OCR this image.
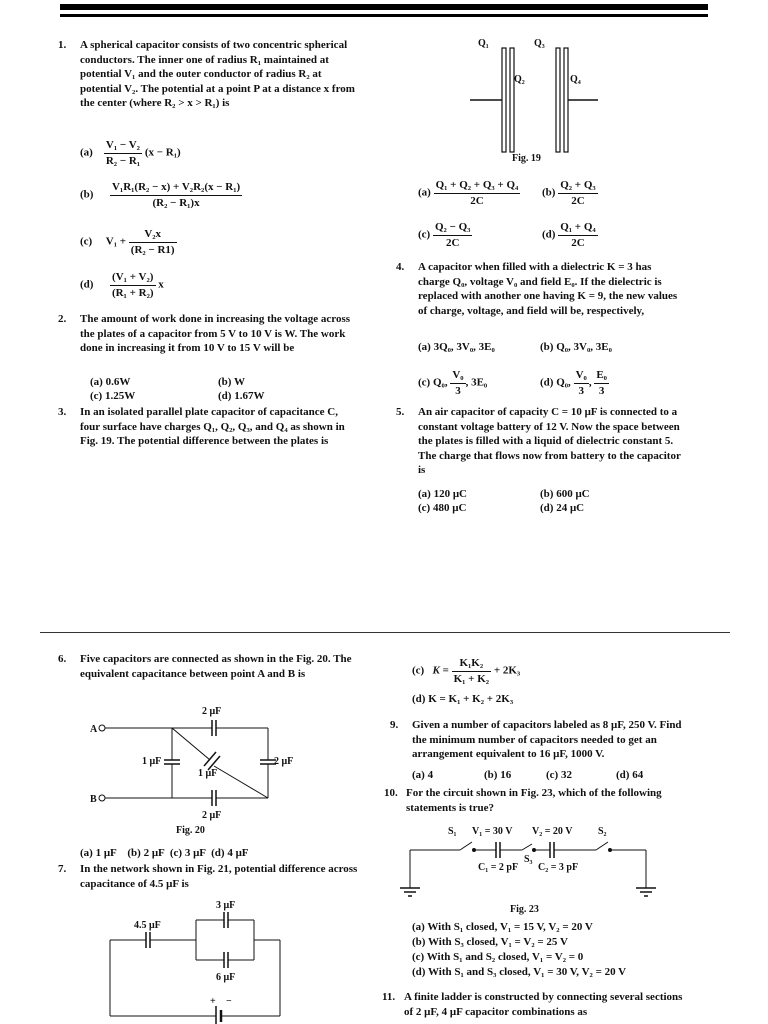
1. A spherical capacitor consists of two concentric spherical conductors. The inner one of radius R₁ maintained at potential V₁ and the outer conductor of radius R₂ at potential V₂. The potential at a point P at a distance x from the center (where R₂ > x > R₁) is
$(a) \frac{\text{V₁ − V₂}}{\text{R₂ − R₁}} (x - R_1)$
$(b) \frac{\text{V₁R₁(R₂ − x) + V₂R₂(x − R₁)}}{\text{(R₂ − R₁)x}}$
(c) $V_1 + \frac{\text{V₂x}}{\text{(R₂ − R1)}}$
$(d) \frac{\text{(V₁ + V₂)}}{\text{(R₁ + R₂)}}$ x
2. The amount of work done in increasing the voltage across the plates of a capacitor from 5 V to 10 V is W. The work done in increasing it from 10 V to 15 V will be
(a) 0.6W	(b) W
(c) 1.25W	(d) 1.67W
3. In an isolated parallel plate capacitor of capacitance C, four surface have charges Q₁, Q₂, Q₃, and Q₄ as shown in Fig. 19. The potential difference between the plates is
Q₁
Q₂
Q₃
Q₄
Fig. 19
$(a) \frac{\text{Q₁ + Q₂ + Q₃ + Q₄}}{2C} (b) \frac{\text{Q₂ + Q₃}}{2C}$
$(c) \frac{\text{Q₂ − Q₃}}{2C}$	$(d) \frac{\text{Q₁ + Q₄}}{2C}$
4. A capacitor when filled with a dielectric K = 3 has charge Q₀, voltage V₀ and field E₀. If the dielectric is replaced with another one having K = 9, the new values of charge, voltage, and field will be, respectively,
(a) 3Q₀, 3V₀, 3E₀	(b) Q₀, 3V₀, 3E₀
(c) Q₀, $\frac{\text{V₀}}{3}$ , 3E₀	(d) Q₀, $\frac{\text{V₀}}{3}$ , $\frac{\text{E₀}}{3}$
5. An air capacitor of capacity C = 10 μF is connected to a constant voltage battery of 12 V. Now the space between the plates is filled with a liquid of dielectric constant 5. The charge that flows now from battery to the capacitor is
(a) 120 μC	(b) 600 μC
(c) 480 μC	(d) 24 μC
6. Five capacitors are connected as shown in the Fig. 20. The equivalent capacitance between point A and B is
A
B
2 μF
1 μF
1 μF
2 μF
2 μF
Fig. 20
(a) 1 μF    (b) 2 μF  (c) 3 μF  (d) 4 μF
7. In the network shown in Fig. 21, potential difference across capacitance of 4.5 μF is
+ −
4.5 μF
3 μF
6 μF
(c) $K = \frac{\text{K₁K₂}}{\text{K₁ + K₂}} + 2K_3$
(d) K = K₁ + K₂ + 2K₃
9. Given a number of capacitors labeled as 8 μF, 250 V. Find the minimum number of capacitors needed to get an arrangement equivalent to 16 μF, 1000 V.
(a) 4	(b) 16	(c) 32	(d) 64
10. For the circuit shown in Fig. 23, which of the following statements is true?
S₁ V₁ = 30 V V₂ = 20 V	S₂
S₃
C₁ = 2 pF C₂ = 3 pF
Fig. 23
(a) With S₁ closed, V₁ = 15 V, V₂ = 20 V
(b) With S₃ closed, V₁ = V₂ = 25 V
(c) With S₁ and S₂ closed, V₁ = V₂ = 0
(d) With S₁ and S₃ closed, V₁ = 30 V, V₂ = 20 V
11. A finite ladder is constructed by connecting several sections of 2 μF, 4 μF capacitor combinations as
